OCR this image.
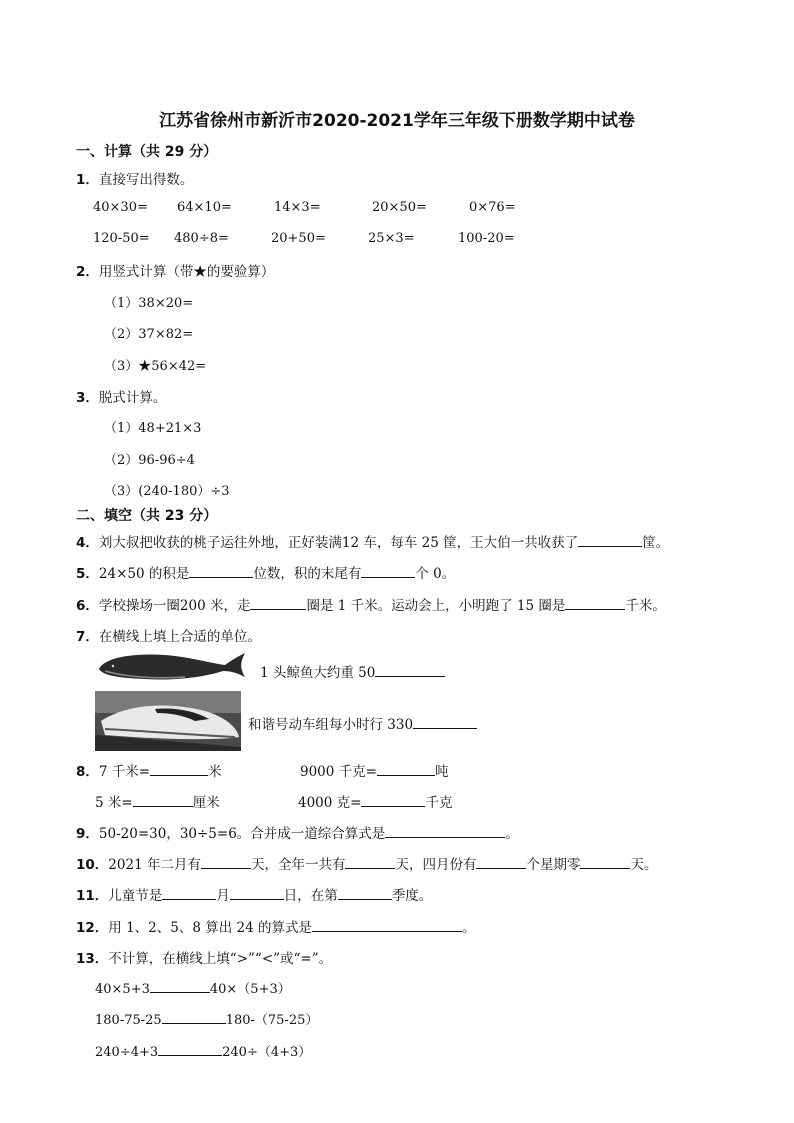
江苏省徐州市新沂市2020-2021学年三年级下册数学期中试卷
一、计算（共 29 分）
1．直接写出得数。
40×30= 64×10=	14×3=	20×50=	0×76=
120-50= 480÷8=	20+50=	25×3=	100-20=
2．用竖式计算（带★的要验算）
（1）38×20=
（2）37×82=
（3）★56×42=
3．脱式计算。
（1）48+21×3
（2）96-96÷4
（3）(240-180）÷3
二、填空（共 23 分）
4．刘大叔把收获的桃子运往外地，正好装满12 车，每车 25 筐，王大伯一共收获了	筐。
5．24×50 的积是	位数，积的末尾有	个 0。
6．学校操场一圈200 米，走	圈是 1 千米。运动会上，小明跑了 15 圈是	千米。
7．在横线上填上合适的单位。
1 头鲸鱼大约重 50
和谐号动车组每小时行 330
8．7 千米=	米	9000 千克=	吨
5 米=	厘米	4000 克=	千克
9．50-20=30，30÷5=6。合并成一道综合算式是	。
10．2021 年二月有	天，全年一共有	天，四月份有	个星期零	天。
11．儿童节是	月	日，在第	季度。
12．用 1、2、5、8 算出 24 的算式是	。
13．不计算，在横线上填“>”“<”或“=”。
40×5+3	40×（5+3）
180-75-25	180-（75-25）
240÷4+3	240÷（4+3）
